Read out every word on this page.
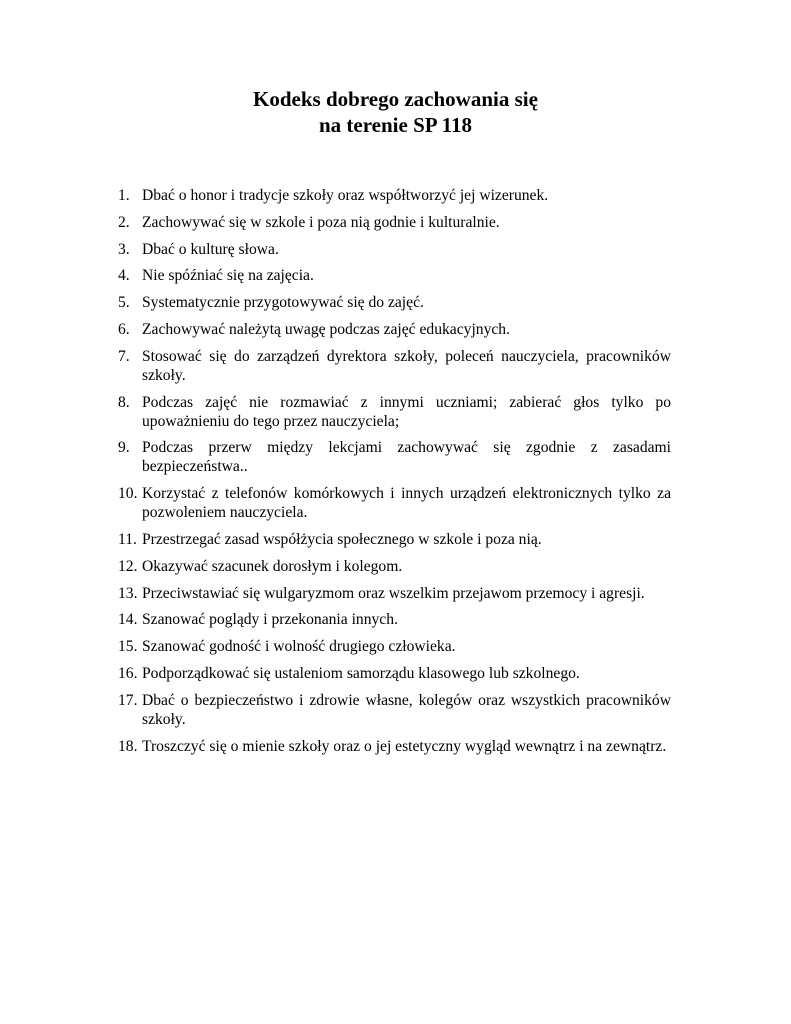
Kodeks dobrego zachowania się
na terenie SP 118
1. Dbać o honor i tradycje szkoły oraz współtworzyć jej wizerunek.
2. Zachowywać się w szkole i poza nią godnie i kulturalnie.
3. Dbać o kulturę słowa.
4. Nie spóźniać się na zajęcia.
5. Systematycznie przygotowywać się do zajęć.
6. Zachowywać należytą uwagę podczas zajęć edukacyjnych.
7. Stosować się do zarządzeń dyrektora szkoły, poleceń nauczyciela, pracowników szkoły.
8. Podczas zajęć nie rozmawiać z innymi uczniami; zabierać głos tylko po upoważnieniu do tego przez nauczyciela;
9. Podczas przerw między lekcjami zachowywać się zgodnie z zasadami bezpieczeństwa..
10. Korzystać z telefonów komórkowych i innych urządzeń elektronicznych tylko za pozwoleniem nauczyciela.
11. Przestrzegać zasad współżycia społecznego w szkole i poza nią.
12. Okazywać szacunek dorosłym i kolegom.
13. Przeciwstawiać się wulgaryzmom oraz wszelkim przejawom przemocy i agresji.
14. Szanować poglądy i przekonania innych.
15. Szanować godność i wolność drugiego człowieka.
16. Podporządkować się ustaleniom samorządu klasowego lub szkolnego.
17. Dbać o bezpieczeństwo i zdrowie własne, kolegów oraz wszystkich pracowników szkoły.
18. Troszczyć się o mienie szkoły oraz o jej estetyczny wygląd wewnątrz i na zewnątrz.
